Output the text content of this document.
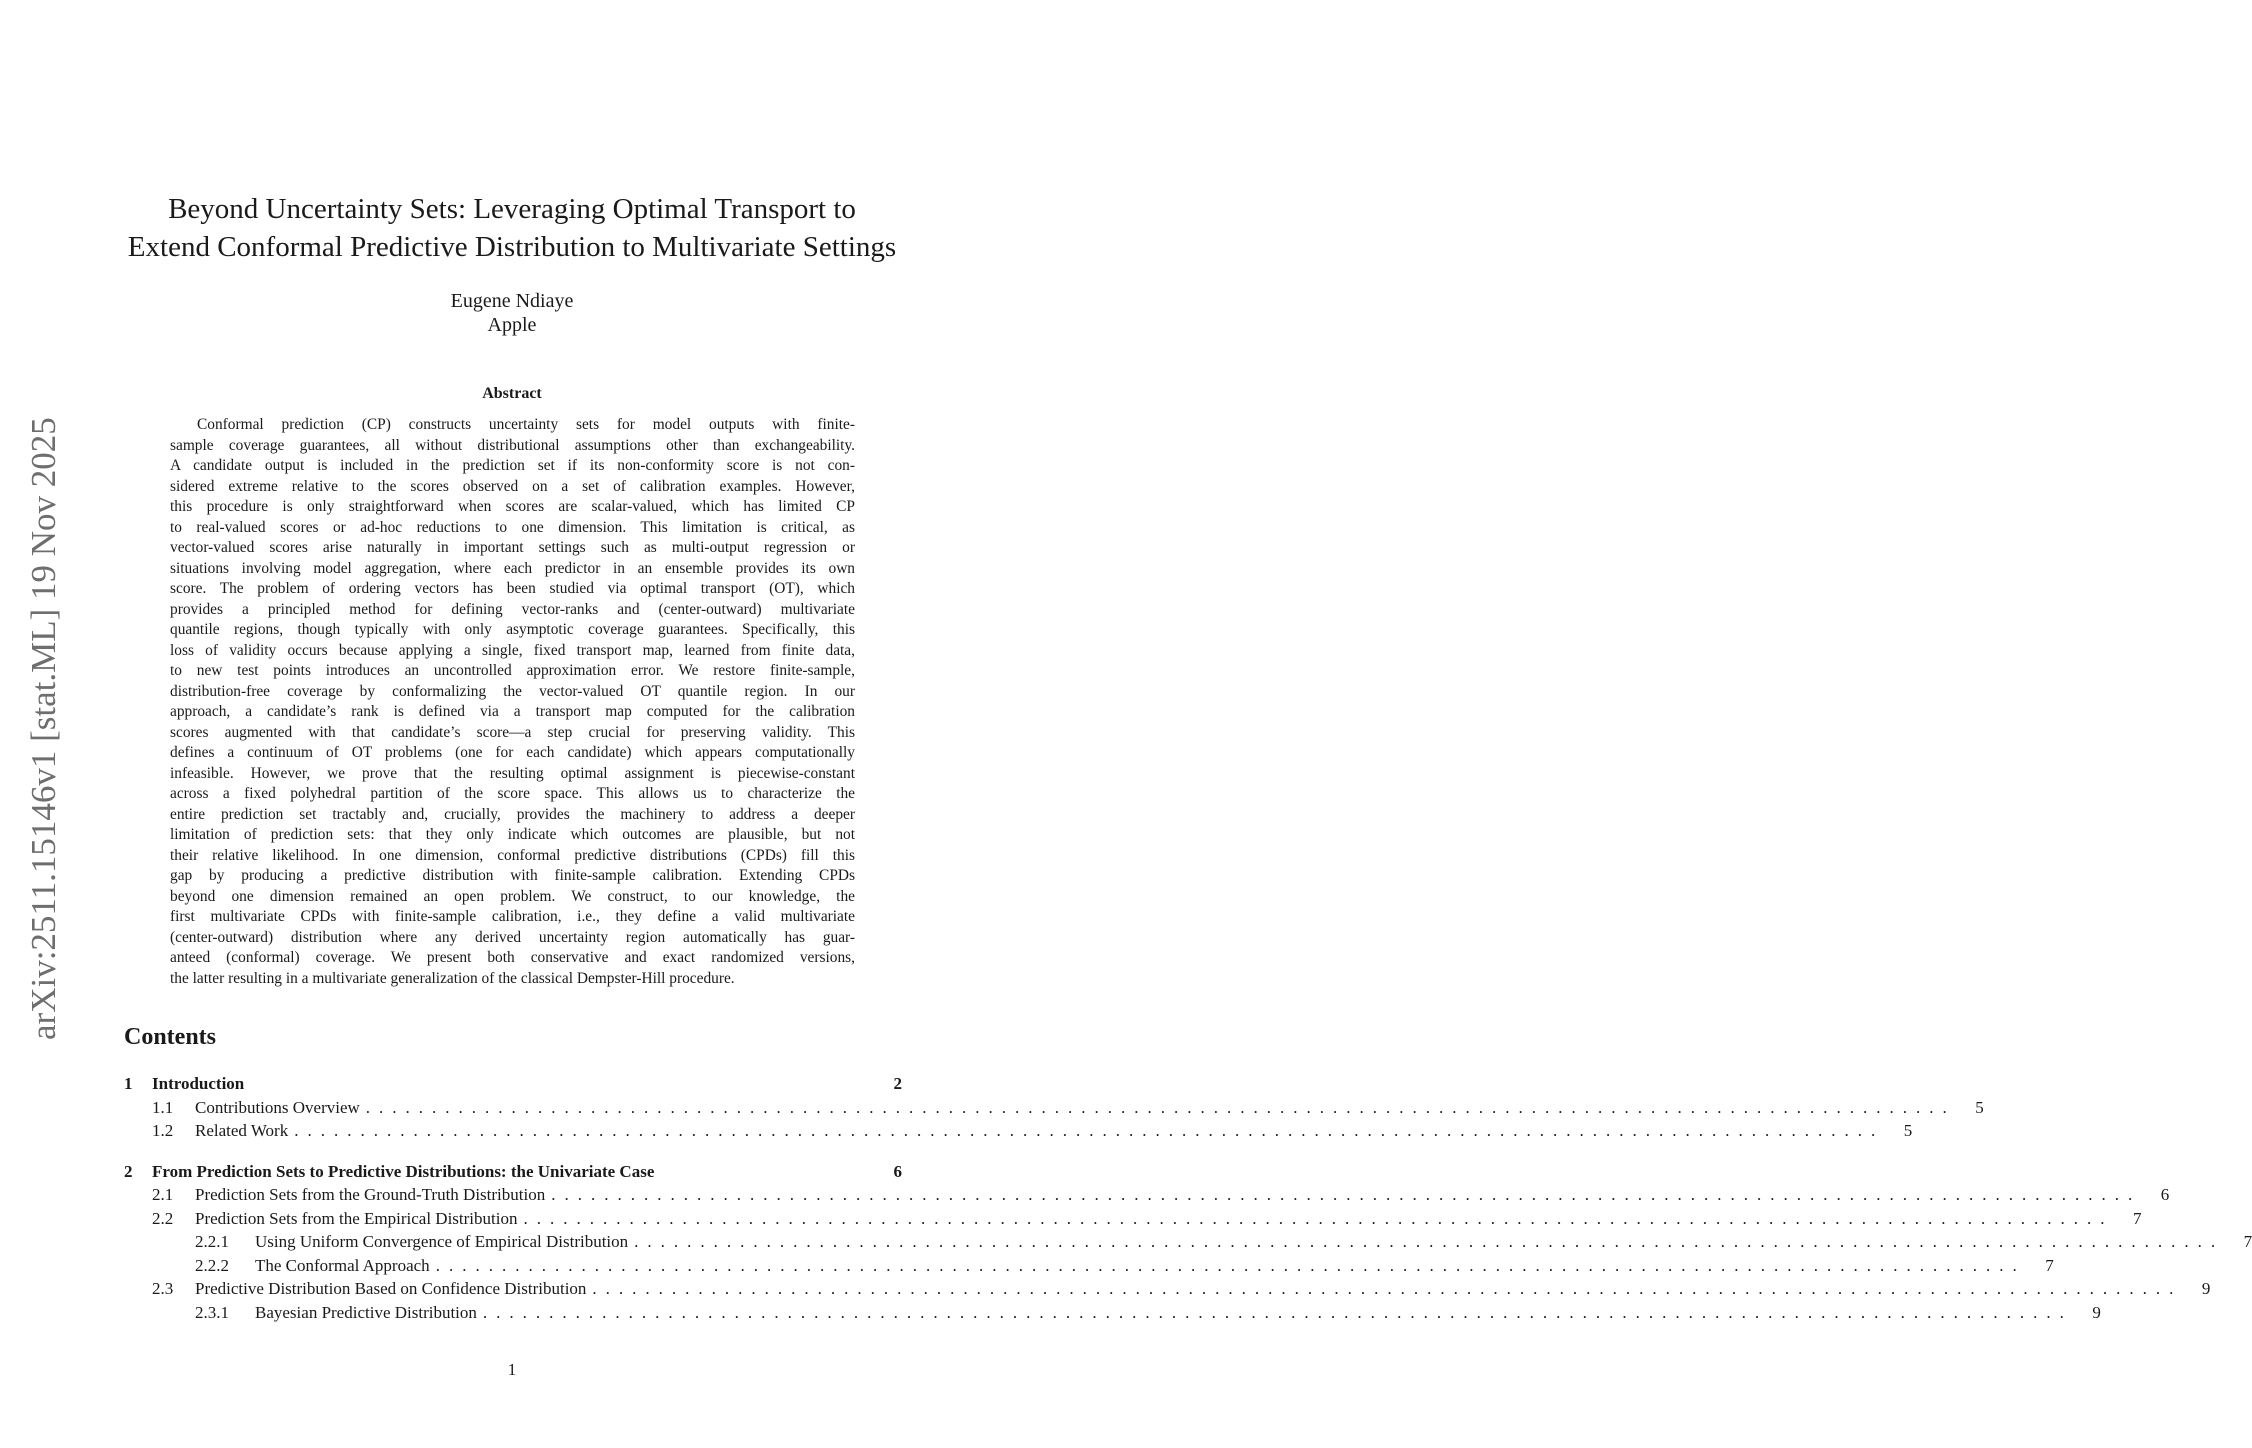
arXiv:2511.15146v1 [stat.ML] 19 Nov 2025
Beyond Uncertainty Sets: Leveraging Optimal Transport to
Extend Conformal Predictive Distribution to Multivariate Settings
Eugene Ndiaye
Apple
Abstract
Conformal prediction (CP) constructs uncertainty sets for model outputs with finite-
sample coverage guarantees, all without distributional assumptions other than exchangeability.
A candidate output is included in the prediction set if its non-conformity score is not con-
sidered extreme relative to the scores observed on a set of calibration examples. However,
this procedure is only straightforward when scores are scalar-valued, which has limited CP
to real-valued scores or ad-hoc reductions to one dimension. This limitation is critical, as
vector-valued scores arise naturally in important settings such as multi-output regression or
situations involving model aggregation, where each predictor in an ensemble provides its own
score. The problem of ordering vectors has been studied via optimal transport (OT), which
provides a principled method for defining vector-ranks and (center-outward) multivariate
quantile regions, though typically with only asymptotic coverage guarantees. Specifically, this
loss of validity occurs because applying a single, fixed transport map, learned from finite data,
to new test points introduces an uncontrolled approximation error. We restore finite-sample,
distribution-free coverage by conformalizing the vector-valued OT quantile region. In our
approach, a candidate’s rank is defined via a transport map computed for the calibration
scores augmented with that candidate’s score—a step crucial for preserving validity. This
defines a continuum of OT problems (one for each candidate) which appears computationally
infeasible. However, we prove that the resulting optimal assignment is piecewise-constant
across a fixed polyhedral partition of the score space. This allows us to characterize the
entire prediction set tractably and, crucially, provides the machinery to address a deeper
limitation of prediction sets: that they only indicate which outcomes are plausible, but not
their relative likelihood. In one dimension, conformal predictive distributions (CPDs) fill this
gap by producing a predictive distribution with finite-sample calibration. Extending CPDs
beyond one dimension remained an open problem. We construct, to our knowledge, the
first multivariate CPDs with finite-sample calibration, i.e., they define a valid multivariate
(center-outward) distribution where any derived uncertainty region automatically has guar-
anteed (conformal) coverage. We present both conservative and exact randomized versions,
the latter resulting in a multivariate generalization of the classical Dempster-Hill procedure.
Contents
1	Introduction	2
1.1	Contributions Overview ........................................................................................................................	5
1.2	Related Work ........................................................................................................................	5
2	From Prediction Sets to Predictive Distributions: the Univariate Case	6
2.1	Prediction Sets from the Ground-Truth Distribution ........................................................................................................................	6
2.2	Prediction Sets from the Empirical Distribution ........................................................................................................................	7
2.2.1	Using Uniform Convergence of Empirical Distribution ........................................................................................................................	7
2.2.2	The Conformal Approach ........................................................................................................................	7
2.3	Predictive Distribution Based on Confidence Distribution ........................................................................................................................	9
2.3.1	Bayesian Predictive Distribution ........................................................................................................................	9
1
